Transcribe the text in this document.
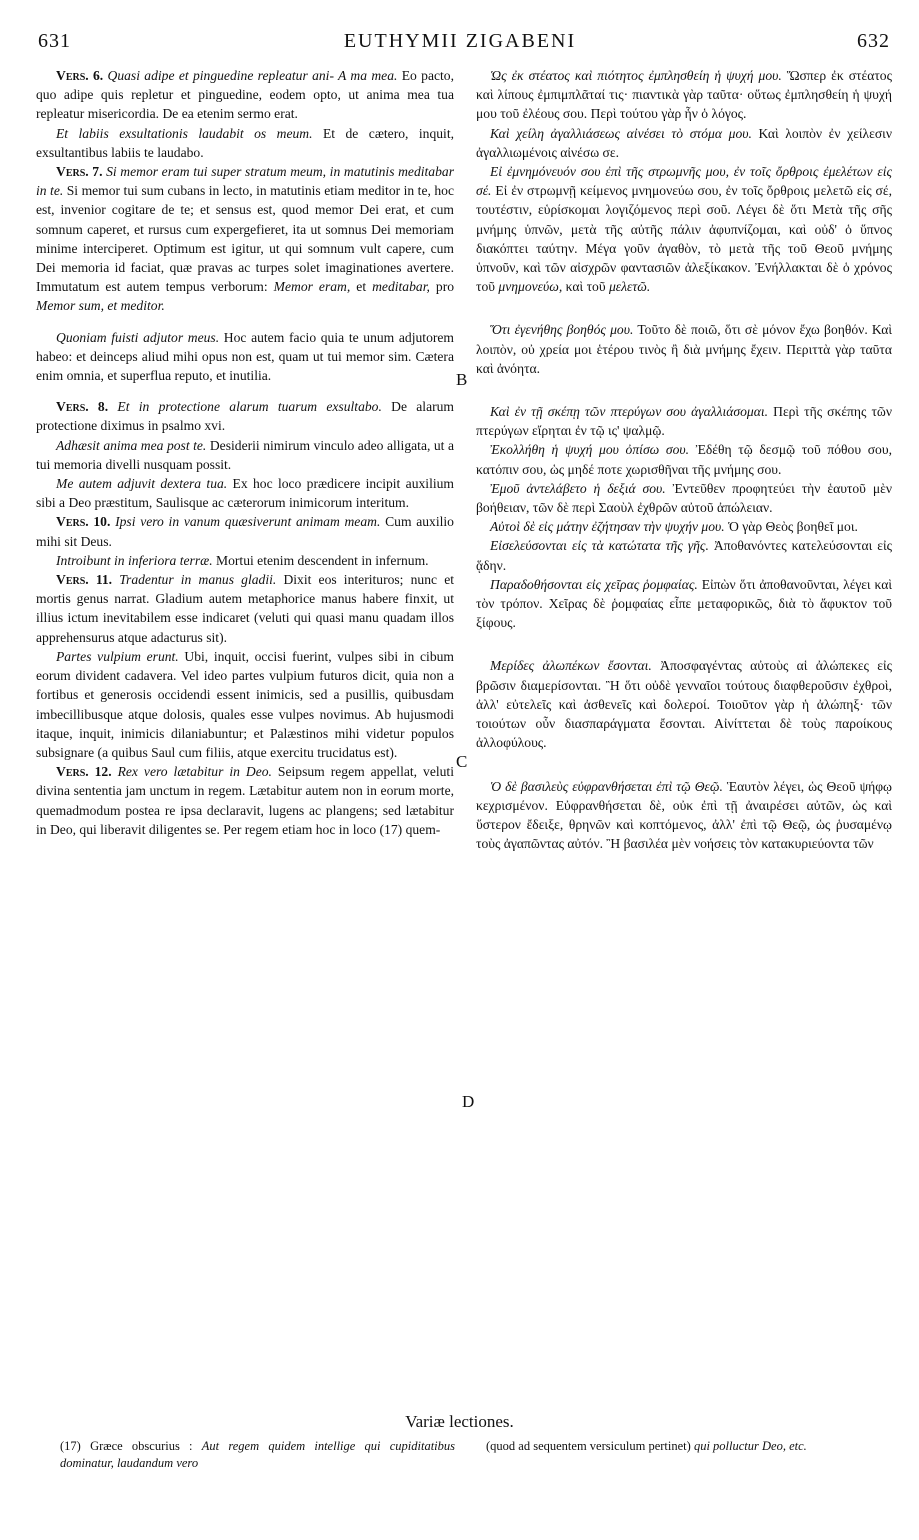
631	EUTHYMII ZIGABENI	632

Vers. 6. Quasi adipe et pinguedine repleatur ani- A ma mea. Eo pacto, quo adipe quis repletur et pinguedine, eodem opto, ut anima mea tua repleatur misericordia. De ea etenim sermo erat.

Et labiis exsultationis laudabit os meum. Et de cætero, inquit, exsultantibus labiis te laudabo.

Vers. 7. Si memor eram tui super stratum meum, in matutinis meditabar in te. Si memor tui sum cubans in lecto, in matutinis etiam meditor in te, hoc est, invenior cogitare de te; et sensus est, quod memor Dei erat, et cum somnum caperet, et rursus cum expergefieret, ita ut somnus Dei memoriam minime interciperet. Optimum est igitur, ut qui somnum vult capere, cum Dei memoria id faciat, quæ pravas ac turpes solet imaginationes avertere. Immutatum est autem tempus verborum: Memor eram, et meditabar, pro Memor sum, et meditor.

Quoniam fuisti adjutor meus. Hoc autem facio quia te unum adjutorem habeo: et deinceps aliud mihi opus non est, quam ut tui memor sim. Cætera enim omnia, et superflua reputo, et inutilia.

Vers. 8. Et in protectione alarum tuarum exsultabo. De alarum protectione diximus in psalmo xvi.

Adhæsit anima mea post te. Desiderii nimirum vinculo adeo alligata, ut a tui memoria divelli nusquam possit.

Me autem adjuvit dextera tua. Ex hoc loco prædicere incipit auxilium sibi a Deo præstitum, Saulisque ac cæterorum inimicorum interitum.

Vers. 10. Ipsi vero in vanum quæsiverunt animam meam. Cum auxilio mihi sit Deus.

Introibunt in inferiora terræ. Mortui etenim descendent in infernum.

Vers. 11. Tradentur in manus gladii. Dixit eos interituros; nunc et mortis genus narrat. Gladium autem metaphorice manus habere finxit, ut illius ictum inevitabilem esse indicaret (veluti qui quasi manu quadam illos apprehensurus atque adacturus sit).

Partes vulpium erunt. Ubi, inquit, occisi fuerint, vulpes sibi in cibum eorum divident cadavera. Vel ideo partes vulpium futuros dicit, quia non a fortibus et generosis occidendi essent inimicis, sed a pusillis, quibusdam imbecillibusque atque dolosis, quales esse vulpes novimus. Ab hujusmodi itaque, inquit, inimicis dilaniabuntur; et Palæstinos mihi videtur populos subsignare (a quibus Saul cum filiis, atque exercitu trucidatus est).

Vers. 12. Rex vero lætabitur in Deo. Seipsum regem appellat, veluti divina sententia jam unctum in regem. Lætabitur autem non in eorum morte, quemadmodum postea re ipsa declaravit, lugens ac plangens; sed lætabitur in Deo, qui liberavit diligentes se. Per regem etiam hoc in loco (17) quem-

B
C
D

Ὡς ἐκ στέατος καὶ πιότητος ἐμπλησθείη ἡ ψυχή μου. Ὥσπερ ἐκ στέατος καὶ λίπους ἐμπιμπλᾶταί τις· πιαντικὰ γὰρ ταῦτα· οὕτως ἐμπλησθείη ἡ ψυχή μου τοῦ ἐλέους σου. Περὶ τούτου γὰρ ἦν ὁ λόγος.

Καὶ χείλη ἀγαλλιάσεως αἰνέσει τὸ στόμα μου. Καὶ λοιπὸν ἐν χείλεσιν ἀγαλλιωμένοις αἰνέσω σε.

Εἰ ἐμνημόνευόν σου ἐπὶ τῆς στρωμνῆς μου, ἐν τοῖς ὄρθροις ἐμελέτων εἰς σέ. Εἰ ἐν στρωμνῇ κείμενος μνημονεύω σου, ἐν τοῖς ὄρθροις μελετῶ εἰς σέ, τουτέστιν, εὑρίσκομαι λογιζόμενος περὶ σοῦ. Λέγει δὲ ὅτι Μετὰ τῆς σῆς μνήμης ὑπνῶν, μετὰ τῆς αὐτῆς πάλιν ἀφυπνίζομαι, καὶ οὐδ' ὁ ὕπνος διακόπτει ταύτην. Μέγα γοῦν ἀγαθὸν, τὸ μετὰ τῆς τοῦ Θεοῦ μνήμης ὑπνοῦν, καὶ τῶν αἰσχρῶν φαντασιῶν ἀλεξίκακον. Ἐνήλλακται δὲ ὁ χρόνος τοῦ μνημονεύω, καὶ τοῦ μελετῶ.

Ὅτι ἐγενήθης βοηθός μου. Τοῦτο δὲ ποιῶ, ὅτι σὲ μόνον ἔχω βοηθόν. Καὶ λοιπὸν, οὐ χρεία μοι ἑτέρου τινὸς ἢ διὰ μνήμης ἔχειν. Περιττὰ γὰρ ταῦτα καὶ ἀνόητα.

Καὶ ἐν τῇ σκέπῃ τῶν πτερύγων σου ἀγαλλιάσομαι. Περὶ τῆς σκέπης τῶν πτερύγων εἴρηται ἐν τῷ ις' ψαλμῷ.

Ἐκολλήθη ἡ ψυχή μου ὀπίσω σου. Ἐδέθη τῷ δεσμῷ τοῦ πόθου σου, κατόπιν σου, ὡς μηδέ ποτε χωρισθῆναι τῆς μνήμης σου.

Ἐμοῦ ἀντελάβετο ἡ δεξιά σου. Ἐντεῦθεν προφητεύει τὴν ἑαυτοῦ μὲν βοήθειαν, τῶν δὲ περὶ Σαοὺλ ἐχθρῶν αὐτοῦ ἀπώλειαν.

Αὐτοὶ δὲ εἰς μάτην ἐζήτησαν τὴν ψυχήν μου. Ὁ γὰρ Θεὸς βοηθεῖ μοι.

Εἰσελεύσονται εἰς τὰ κατώτατα τῆς γῆς. Ἀποθανόντες κατελεύσονται εἰς ᾅδην.

Παραδοθήσονται εἰς χεῖρας ῥομφαίας. Εἰπὼν ὅτι ἀποθανοῦνται, λέγει καὶ τὸν τρόπον. Χεῖρας δὲ ῥομφαίας εἶπε μεταφορικῶς, διὰ τὸ ἄφυκτον τοῦ ξίφους.

Μερίδες ἀλωπέκων ἔσονται. Ἀποσφαγέντας αὐτοὺς αἱ ἀλώπεκες εἰς βρῶσιν διαμερίσονται. Ἢ ὅτι οὐδὲ γενναῖοι τούτους διαφθεροῦσιν ἐχθροὶ, ἀλλ' εὐτελεῖς καὶ ἀσθενεῖς καὶ δολεροί. Τοιοῦτον γὰρ ἡ ἀλώπηξ· τῶν τοιούτων οὖν διασπαράγματα ἔσονται. Αἰνίττεται δὲ τοὺς παροίκους ἀλλοφύλους.

Ὁ δὲ βασιλεὺς εὐφρανθήσεται ἐπὶ τῷ Θεῷ. Ἑαυτὸν λέγει, ὡς Θεοῦ ψήφῳ κεχρισμένον. Εὐφρανθήσεται δὲ, οὐκ ἐπὶ τῇ ἀναιρέσει αὐτῶν, ὡς καὶ ὕστερον ἔδειξε, θρηνῶν καὶ κοπτόμενος, ἀλλ' ἐπὶ τῷ Θεῷ, ὡς ῥυσαμένῳ τοὺς ἀγαπῶντας αὐτόν. Ἢ βασιλέα μὲν νοήσεις τὸν κατακυριεύοντα τῶν

Variæ lectiones.
(17) Græce obscurius : Aut regem quidem intellige qui cupiditatibus dominatur, laudandum vero
(quod ad sequentem versiculum pertinet) qui polluctur Deo, etc.
